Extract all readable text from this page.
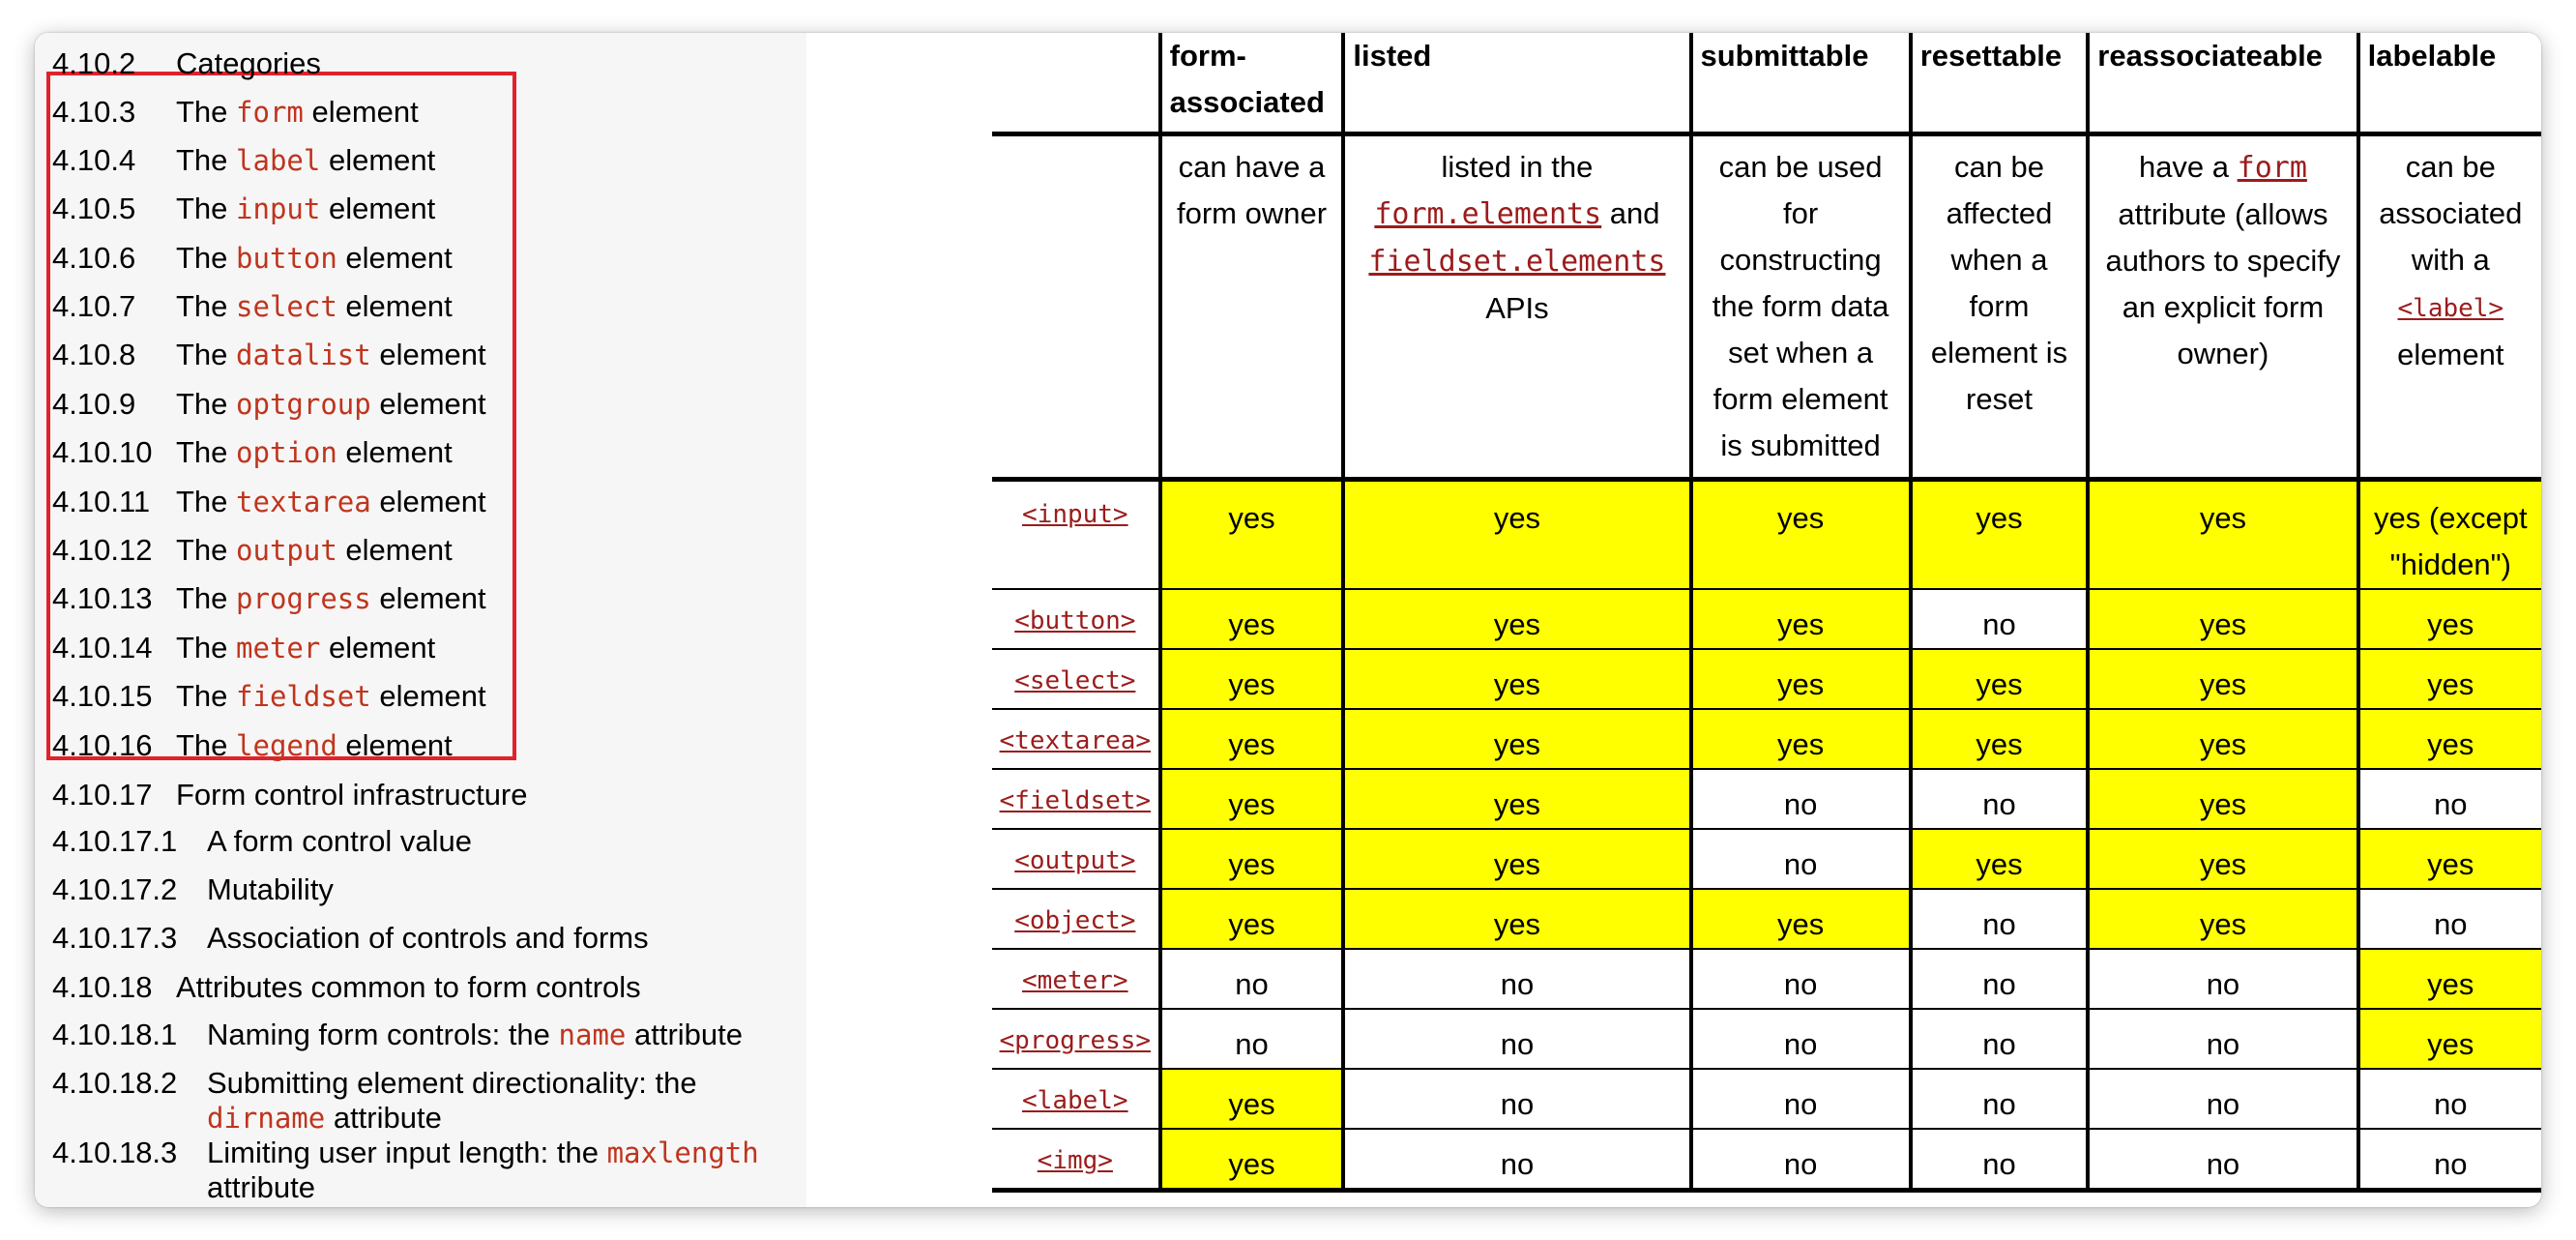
4.10.2 Categories
4.10.3 The form element
4.10.4 The label element
4.10.5 The input element
4.10.6 The button element
4.10.7 The select element
4.10.8 The datalist element
4.10.9 The optgroup element
4.10.10 The option element
4.10.11 The textarea element
4.10.12 The output element
4.10.13 The progress element
4.10.14 The meter element
4.10.15 The fieldset element
4.10.16 The legend element
4.10.17 Form control infrastructure
4.10.17.1 A form control value
4.10.17.2 Mutability
4.10.17.3 Association of controls and forms
4.10.18 Attributes common to form controls
4.10.18.1 Naming form controls: the name attribute
4.10.18.2 Submitting element directionality: the
dirname attribute
4.10.18.3 Limiting user input length: the maxlength
attribute
	form-
associated	listed	submittable	resettable	reassociateable	labelable
	can have a form owner	listed in the
form.elements and
fieldset.elements
APIs	can be used for constructing the form data set when a form element is submitted	can be affected when a form element is reset	have a form attribute (allows authors to specify an explicit form owner)	can be associated with a
<label>
element
<input>	yes	yes	yes	yes	yes	yes (except "hidden")
<button>	yes	yes	yes	no	yes	yes
<select>	yes	yes	yes	yes	yes	yes
<textarea>	yes	yes	yes	yes	yes	yes
<fieldset>	yes	yes	no	no	yes	no
<output>	yes	yes	no	yes	yes	yes
<object>	yes	yes	yes	no	yes	no
<meter>	no	no	no	no	no	yes
<progress>	no	no	no	no	no	yes
<label>	yes	no	no	no	no	no
<img>	yes	no	no	no	no	no
